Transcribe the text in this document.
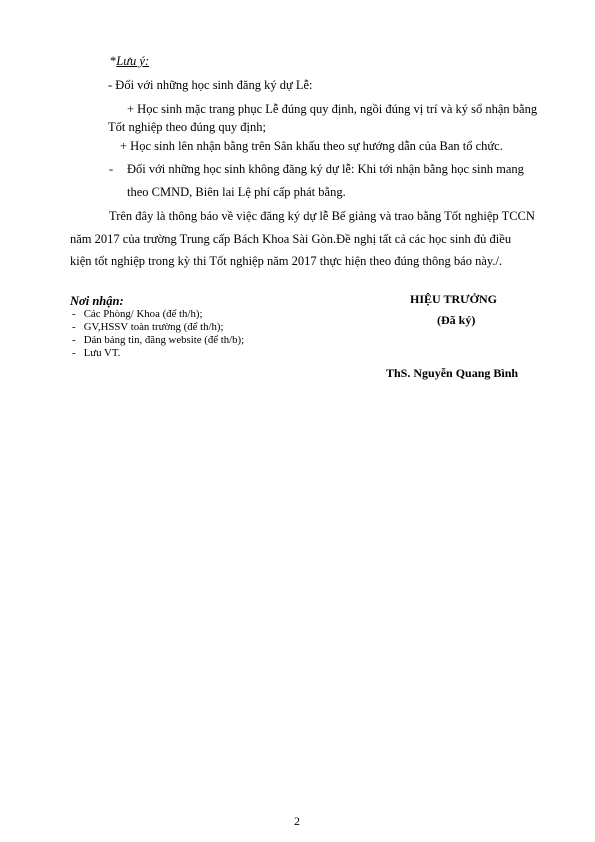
*Lưu ý:
- Đối với những học sinh đăng ký dự Lễ:
+ Học sinh mặc trang phục Lễ đúng quy định, ngồi đúng vị trí và ký sổ nhận bằng
Tốt nghiệp theo đúng quy định;
+ Học sinh lên nhận bằng trên Sân khấu theo sự hướng dẫn của Ban tổ chức.
- Đối với những học sinh không đăng ký dự lễ: Khi tới nhận bằng học sinh mang
theo CMND, Biên lai Lệ phí cấp phát bằng.
Trên đây là thông báo về việc đăng ký dự lễ Bế giảng và trao bằng Tốt nghiệp TCCN
năm 2017 của trường Trung cấp Bách Khoa Sài Gòn.Đề nghị tất cả các học sinh đủ điều
kiện tốt nghiệp trong kỳ thi Tốt nghiệp năm 2017 thực hiện theo đúng thông báo này./.
Nơi nhận:
-   Các Phòng/ Khoa (để th/h);
-   GV,HSSV toàn trường (để th/h);
-   Dán bảng tin, đăng website (để th/b);
-   Lưu VT.
HIỆU TRƯỞNG
(Đã ký)
ThS. Nguyễn Quang Bình
2
